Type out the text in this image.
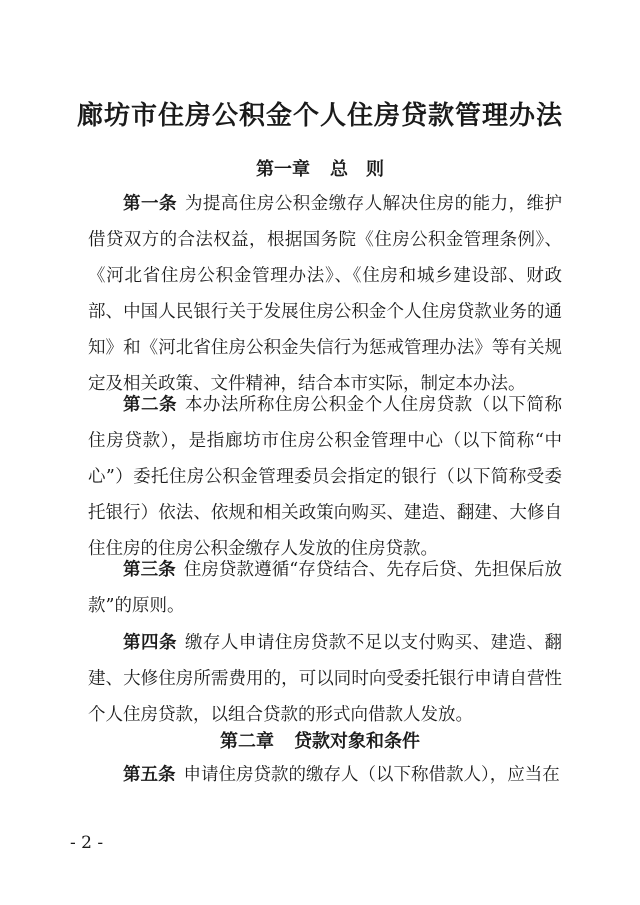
廊坊市住房公积金个人住房贷款管理办法
第一章 总　则

第一条 为提高住房公积金缴存人解决住房的能力，维护借贷双方的合法权益，根据国务院《住房公积金管理条例》、《河北省住房公积金管理办法》、《住房和城乡建设部、财政部、中国人民银行关于发展住房公积金个人住房贷款业务的通知》和《河北省住房公积金失信行为惩戒管理办法》等有关规定及相关政策、文件精神，结合本市实际，制定本办法。

第二条 本办法所称住房公积金个人住房贷款（以下简称住房贷款），是指廊坊市住房公积金管理中心（以下简称“中心”）委托住房公积金管理委员会指定的银行（以下简称受委托银行）依法、依规和相关政策向购买、建造、翻建、大修自住住房的住房公积金缴存人发放的住房贷款。

第三条 住房贷款遵循“存贷结合、先存后贷、先担保后放款”的原则。

第四条 缴存人申请住房贷款不足以支付购买、建造、翻建、大修住房所需费用的，可以同时向受委托银行申请自营性个人住房贷款，以组合贷款的形式向借款人发放。

第二章 贷款对象和条件

第五条 申请住房贷款的缴存人（以下称借款人），应当在

- 2 -
